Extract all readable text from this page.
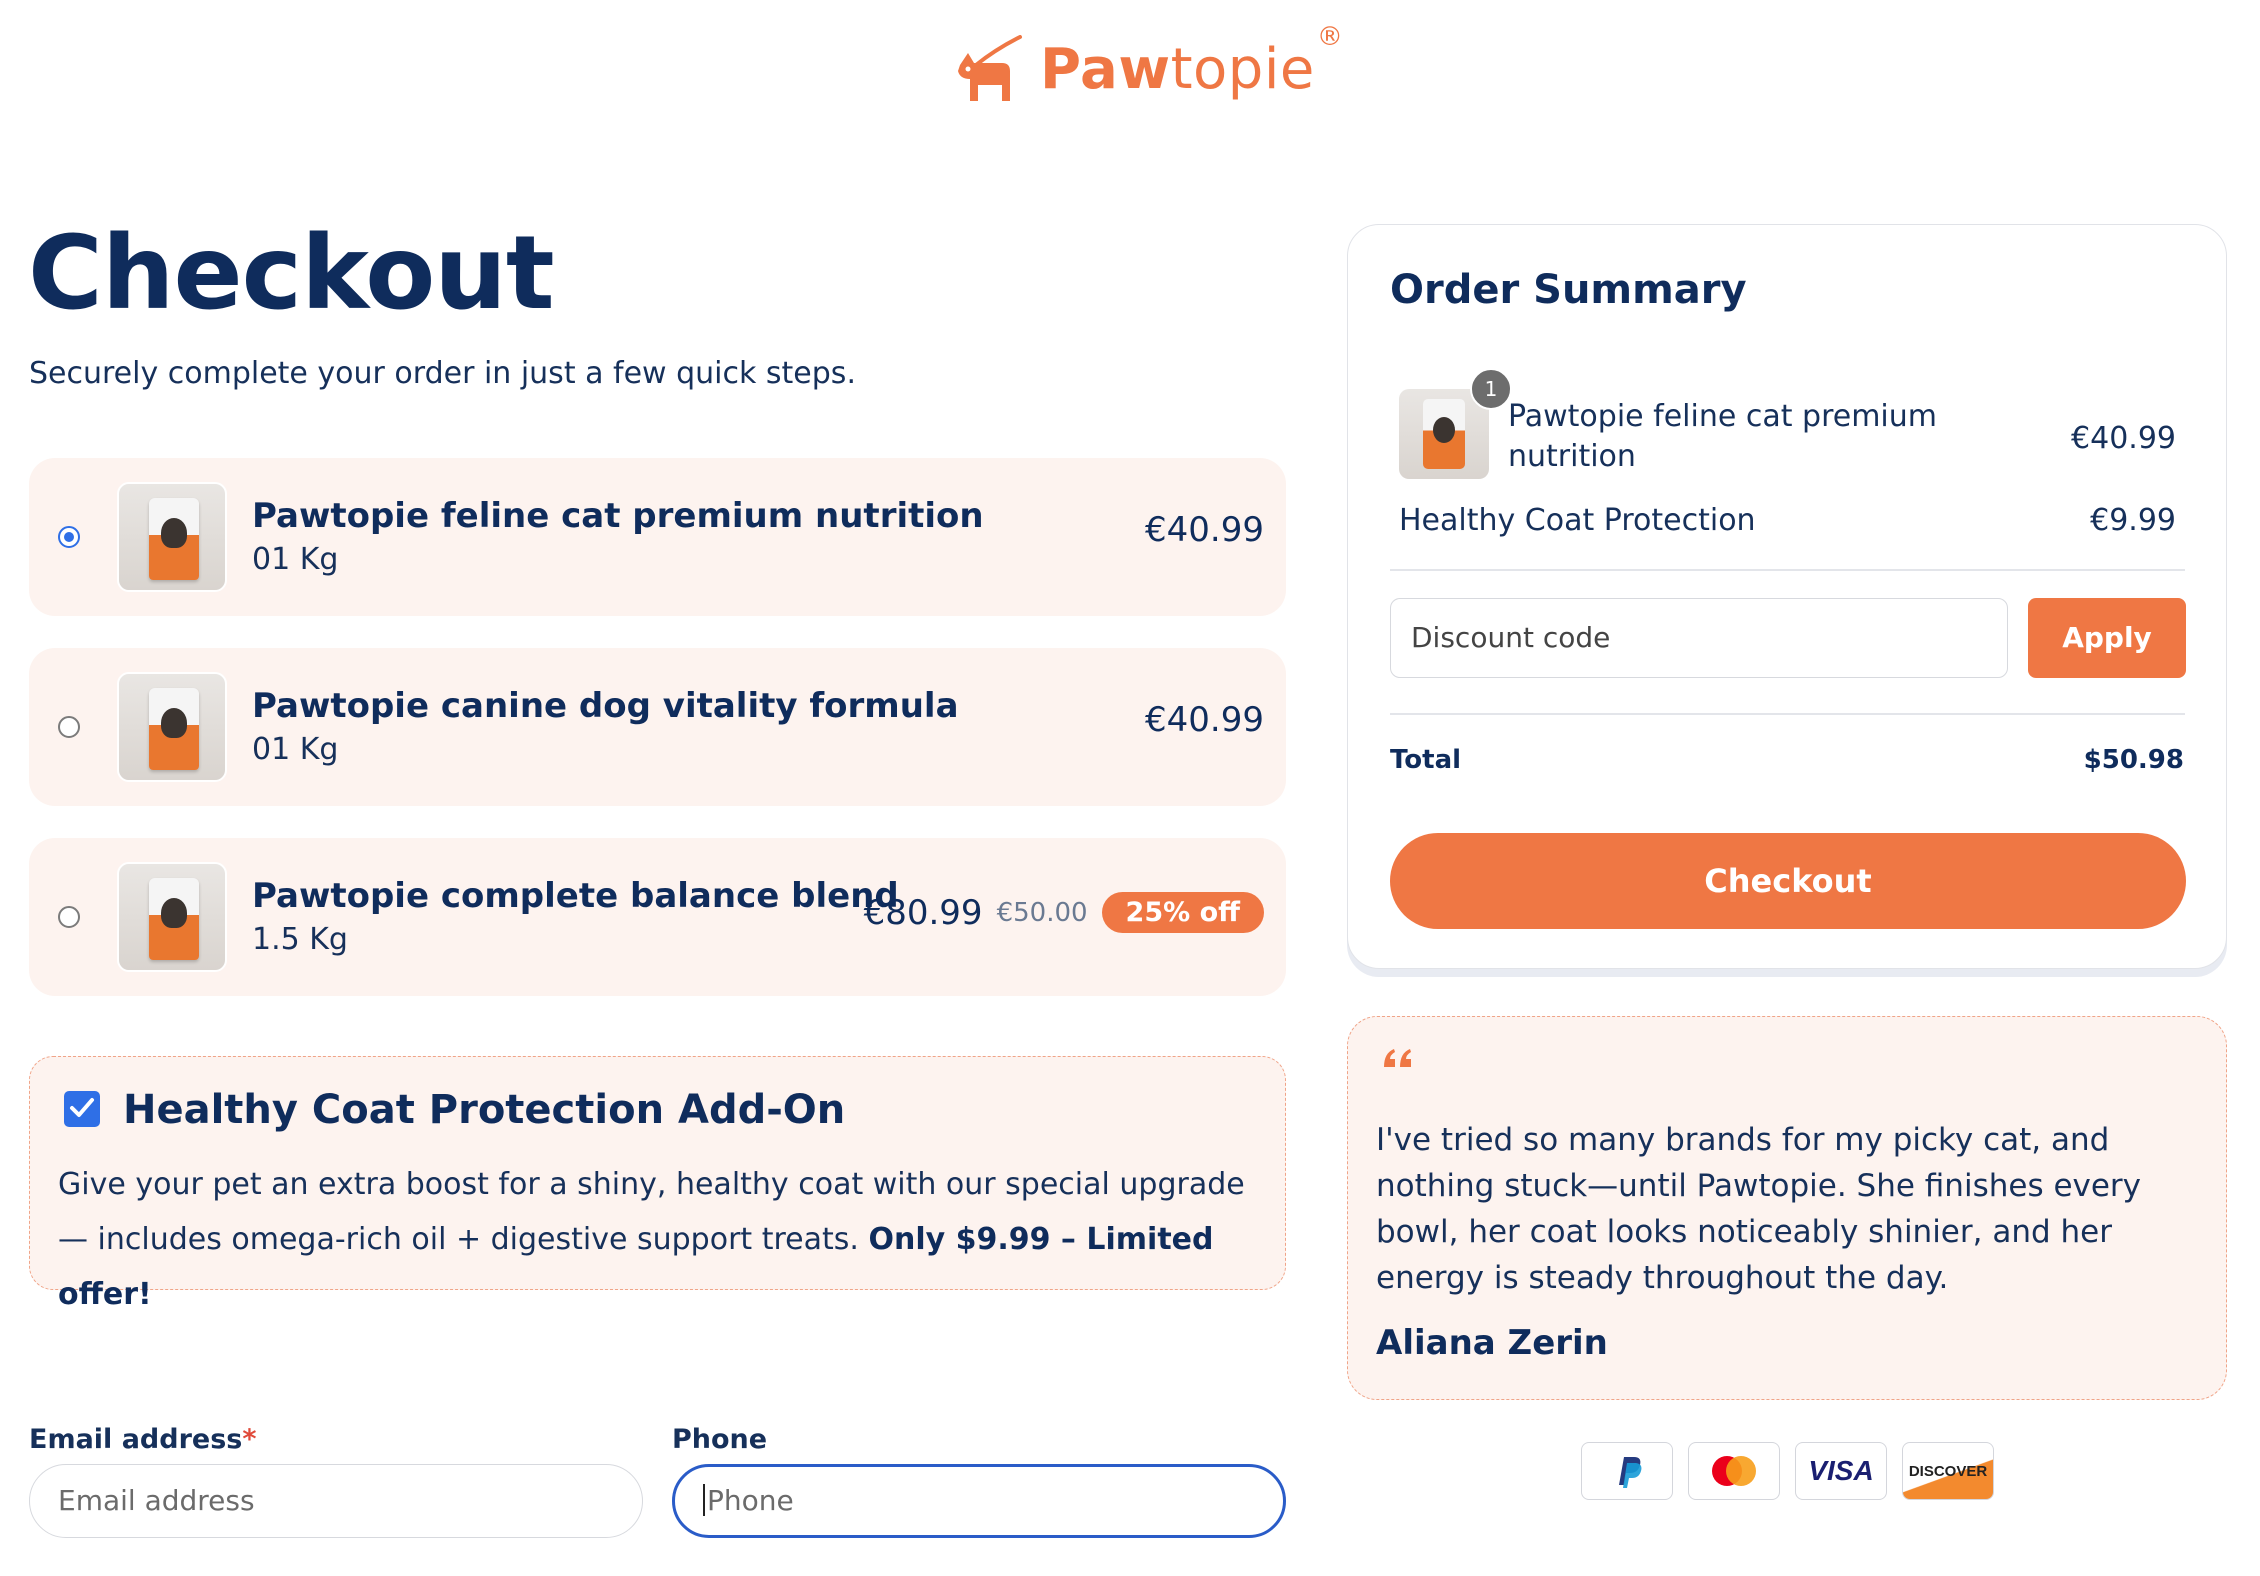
Pawtopie®
Checkout
Securely complete your order in just a few quick steps.
Pawtopie feline cat premium nutrition
01 Kg
€40.99
Pawtopie canine dog vitality formula
01 Kg
€40.99
Pawtopie complete balance blend
1.5 Kg
€80.99 €50.00	25% off
Healthy Coat Protection Add-On
Give your pet an extra boost for a shiny, healthy coat with our special upgrade — includes omega-rich oil + digestive support treats. Only $9.99 – Limited offer!
Email address*
Email address
Phone
Phone
Order Summary
1
Pawtopie feline cat premium nutrition
€40.99
Healthy Coat Protection	€9.99
Discount code	Apply
Total	$50.98
Checkout
I've tried so many brands for my picky cat, and nothing stuck—until Pawtopie. She finishes every bowl, her coat looks noticeably shinier, and her energy is steady throughout the day.
Aliana Zerin
VISA DISCOVER
